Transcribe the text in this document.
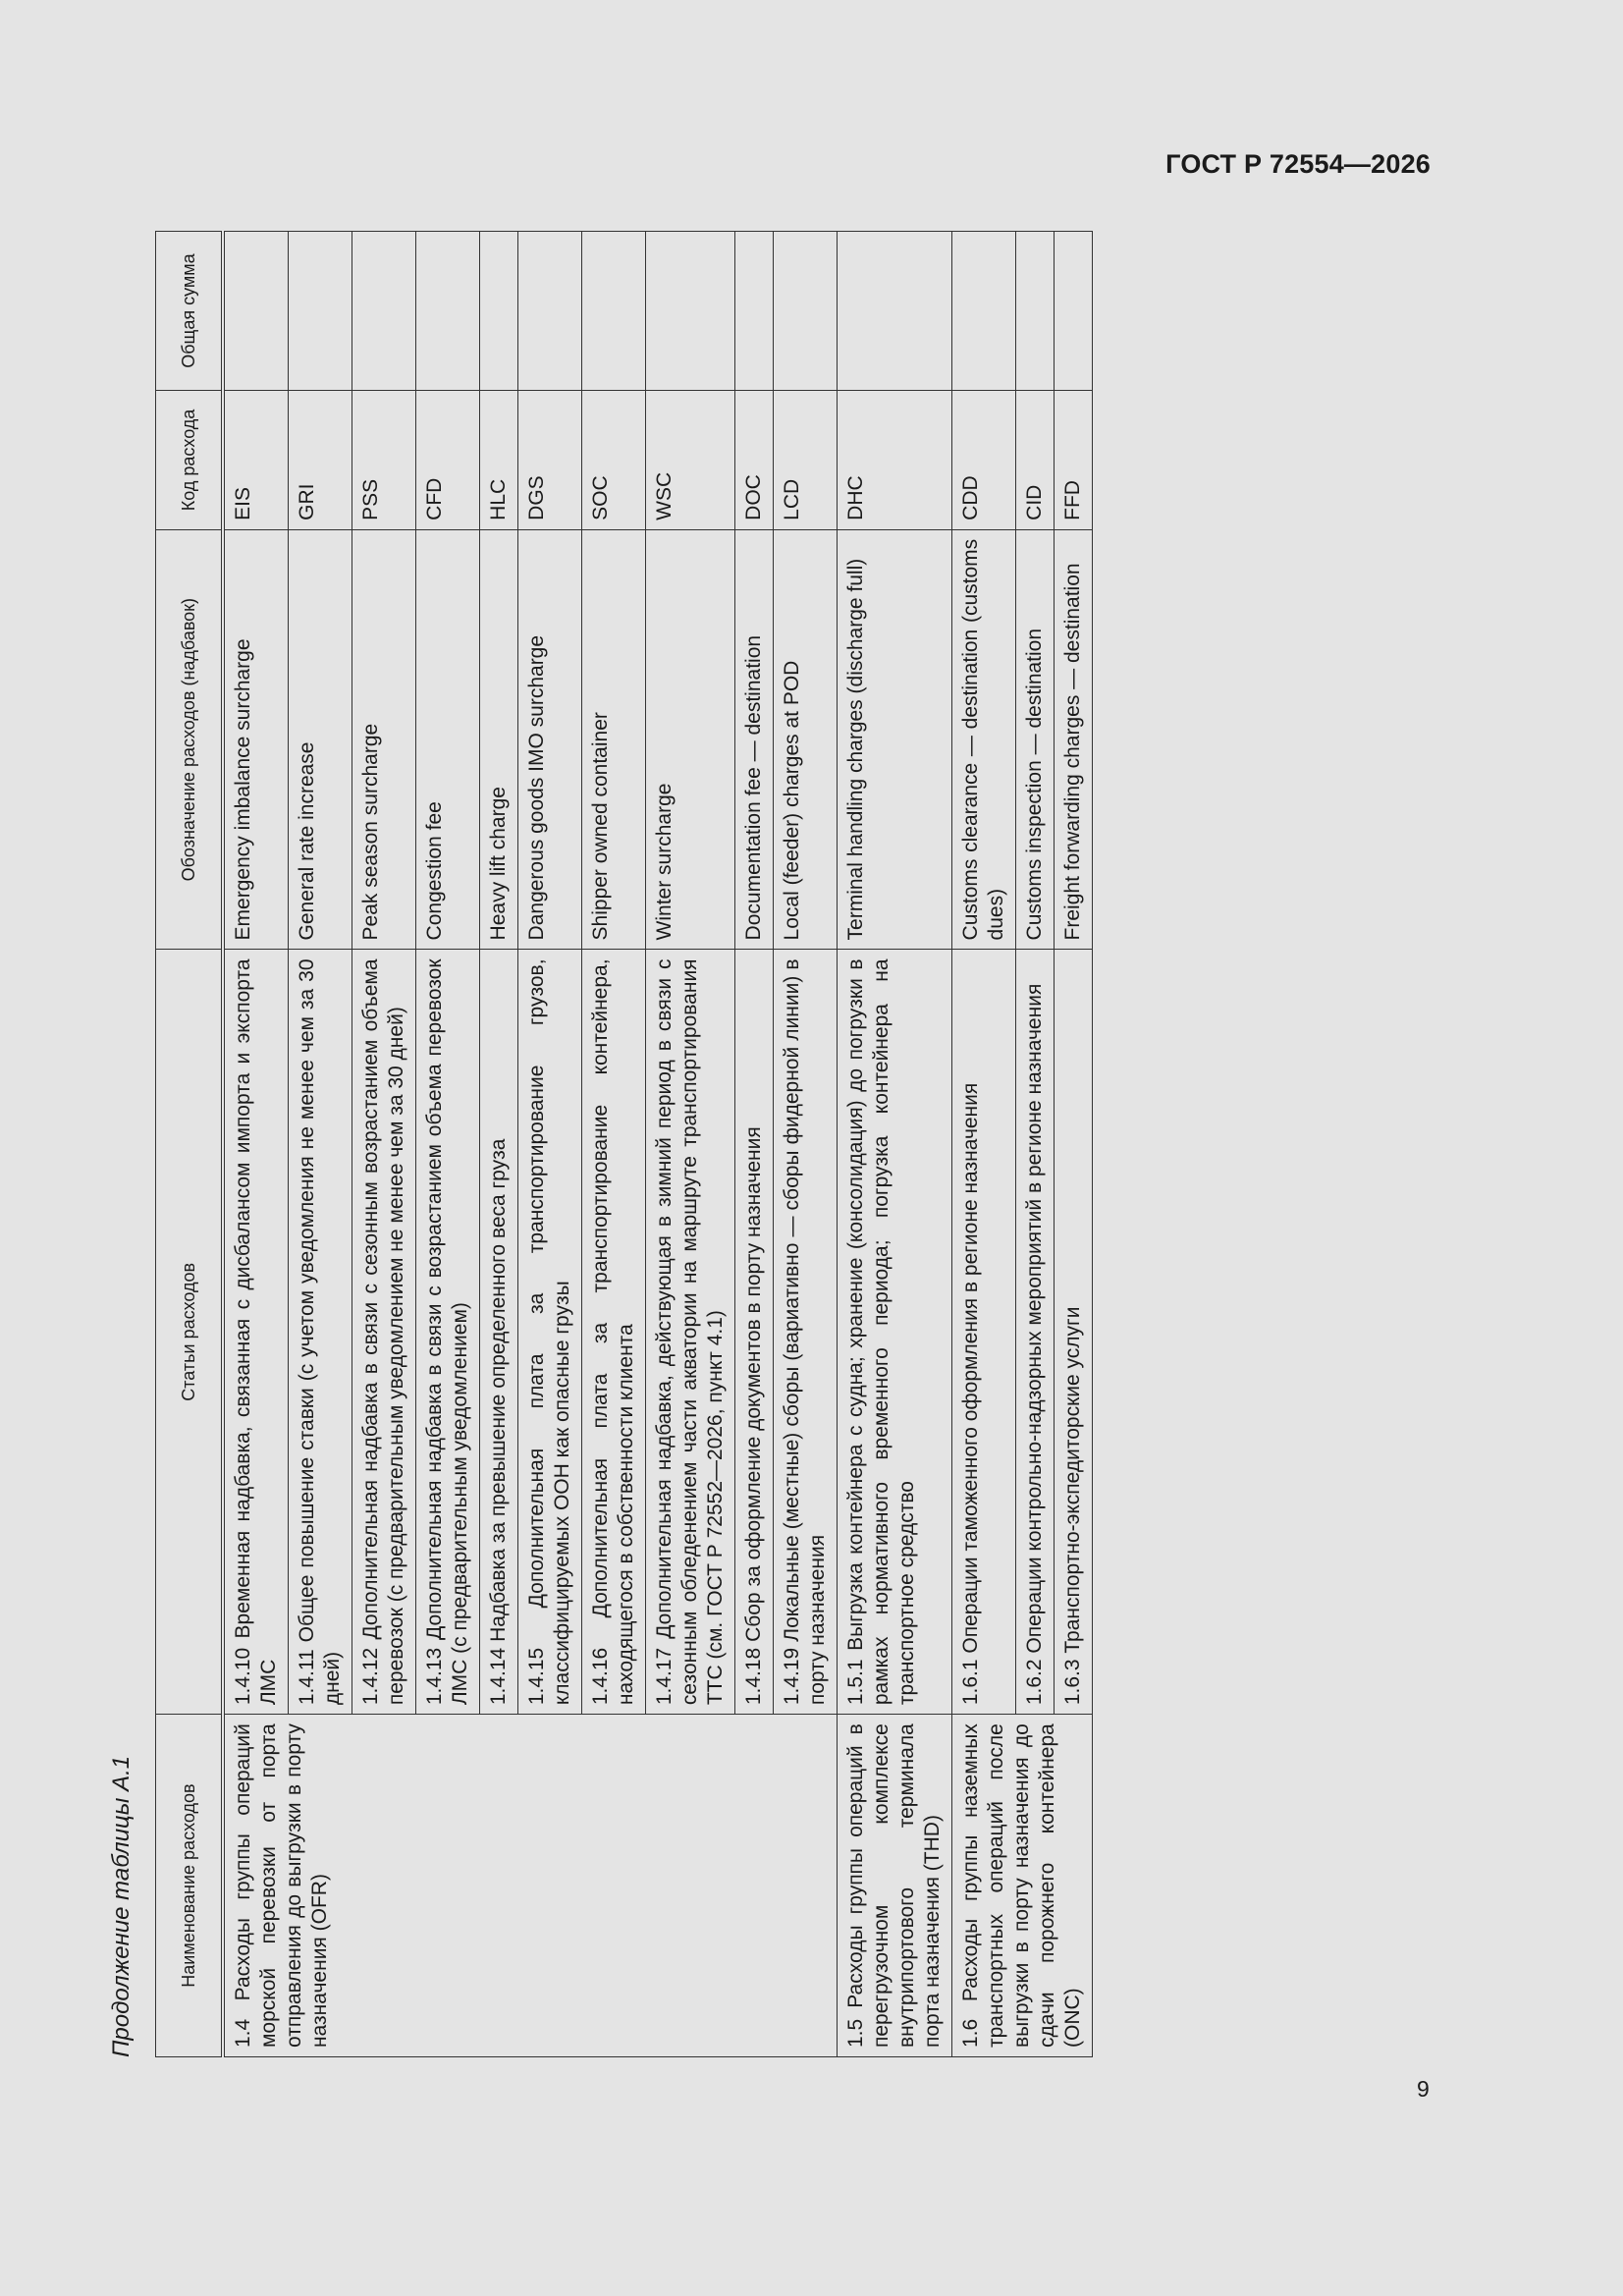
ГОСТ Р 72554—2026
Продолжение таблицы А.1	Наименование расходов	Статьи расходов	Обозначение расходов (надбавок)	Код расхода	Общая сумма
1.4 Расходы группы операций морской перевозки от порта отправления до выгрузки в порту назначения (OFR)	1.4.10 Временная надбавка, связанная с дисбалансом импорта и экспорта ЛМС	Emergency imbalance surcharge	EIS	
	1.4.11 Общее повышение ставки (с учетом уведомления не менее чем за 30 дней)	General rate increase	GRI	
	1.4.12 Дополнительная надбавка в связи с сезонным возрастанием объема перевозок (с предварительным уведомлением не менее чем за 30 дней)	Peak season surcharge	PSS	
	1.4.13 Дополнительная надбавка в связи с возрастанием объема перевозок ЛМС (с предварительным уведомлением)	Congestion fee	CFD	
	1.4.14 Надбавка за превышение определенного веса груза	Heavy lift charge	HLC	
	1.4.15 Дополнительная плата за транспортирование грузов, классифицируемых ООН как опасные грузы	Dangerous goods IMO surcharge	DGS	
	1.4.16 Дополнительная плата за транспортирование контейнера, находящегося в собственности клиента	Shipper owned container	SOC	
	1.4.17 Дополнительная надбавка, действующая в зимний период в связи с сезонным обледенением части акватории на маршруте транспортирования ТТС (см. ГОСТ Р 72552—2026, пункт 4.1)	Winter surcharge	WSC	
	1.4.18 Сбор за оформление документов в порту назначения	Documentation fee — destination	DOC	
	1.4.19 Локальные (местные) сборы (вариативно — сборы фидерной линии) в порту назначения	Local (feeder) charges at POD	LCD	
1.5 Расходы группы операций в перегрузочном комплексе внутрипортового терминала порта назначения (THD)	1.5.1 Выгрузка контейнера с судна; хранение (консолидация) до погрузки в рамках нормативного временного периода; погрузка контейнера на транспортное средство	Terminal handling charges (discharge full)	DHC	
1.6 Расходы группы наземных транспортных операций после выгрузки в порту назначения до сдачи порожнего контейнера (ONC)	1.6.1 Операции таможенного оформления в регионе назначения	Customs clearance — destination (customs dues)	CDD	
	1.6.2 Операции контрольно-надзорных мероприятий в регионе назначения	Customs inspection — destination	CID	
	1.6.3 Транспортно-экспедиторские услуги	Freight forwarding charges — destination	FFD	
9
